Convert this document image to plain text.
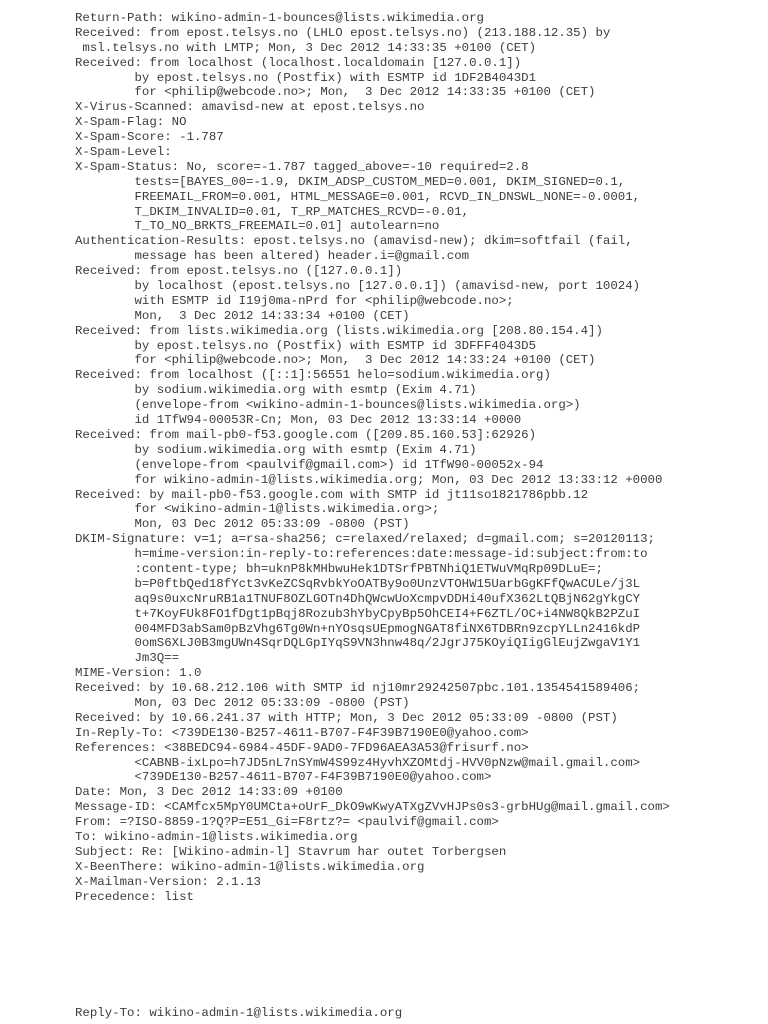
Return-Path: wikino-admin-1-bounces@lists.wikimedia.org
Received: from epost.telsys.no (LHLO epost.telsys.no) (213.188.12.35) by
msl.telsys.no with LMTP; Mon, 3 Dec 2012 14:33:35 +0100 (CET)
Received: from localhost (localhost.localdomain [127.0.0.1])
by epost.telsys.no (Postfix) with ESMTP id 1DF2B4043D1
for <philip@webcode.no>; Mon,  3 Dec 2012 14:33:35 +0100 (CET)
X-Virus-Scanned: amavisd-new at epost.telsys.no
X-Spam-Flag: NO
X-Spam-Score: -1.787
X-Spam-Level:
X-Spam-Status: No, score=-1.787 tagged_above=-10 required=2.8
tests=[BAYES_00=-1.9, DKIM_ADSP_CUSTOM_MED=0.001, DKIM_SIGNED=0.1,
FREEMAIL_FROM=0.001, HTML_MESSAGE=0.001, RCVD_IN_DNSWL_NONE=-0.0001,
T_DKIM_INVALID=0.01, T_RP_MATCHES_RCVD=-0.01,
T_TO_NO_BRKTS_FREEMAIL=0.01] autolearn=no
Authentication-Results: epost.telsys.no (amavisd-new); dkim=softfail (fail,
message has been altered) header.i=@gmail.com
Received: from epost.telsys.no ([127.0.0.1])
by localhost (epost.telsys.no [127.0.0.1]) (amavisd-new, port 10024)
with ESMTP id I19j0ma-nPrd for <philip@webcode.no>;
Mon,  3 Dec 2012 14:33:34 +0100 (CET)
Received: from lists.wikimedia.org (lists.wikimedia.org [208.80.154.4])
by epost.telsys.no (Postfix) with ESMTP id 3DFFF4043D5
for <philip@webcode.no>; Mon,  3 Dec 2012 14:33:24 +0100 (CET)
Received: from localhost ([::1]:56551 helo=sodium.wikimedia.org)
by sodium.wikimedia.org with esmtp (Exim 4.71)
(envelope-from <wikino-admin-1-bounces@lists.wikimedia.org>)
id 1TfW94-00053R-Cn; Mon, 03 Dec 2012 13:33:14 +0000
Received: from mail-pb0-f53.google.com ([209.85.160.53]:62926)
by sodium.wikimedia.org with esmtp (Exim 4.71)
(envelope-from <paulvif@gmail.com>) id 1TfW90-00052x-94
for wikino-admin-1@lists.wikimedia.org; Mon, 03 Dec 2012 13:33:12 +0000
Received: by mail-pb0-f53.google.com with SMTP id jt11so1821786pbb.12
for <wikino-admin-1@lists.wikimedia.org>;
Mon, 03 Dec 2012 05:33:09 -0800 (PST)
DKIM-Signature: v=1; a=rsa-sha256; c=relaxed/relaxed; d=gmail.com; s=20120113;
h=mime-version:in-reply-to:references:date:message-id:subject:from:to
:content-type; bh=uknP8kMHbwuHek1DTSrfPBTNhiQ1ETWuVMqRp09DLuE=;
b=P0ftbQed18fYct3vKeZCSqRvbkYoOATBy9o0UnzVTOHW15UarbGgKFfQwACULe/j3L
aq9s0uxcNruRB1a1TNUF8OZLGOTn4DhQWcwUoXcmpvDDHi40ufX362LtQBjN62gYkgCY
t+7KoyFUk8FO1fDgt1pBqj8Rozub3hYbyCpyBp5OhCEI4+F6ZTL/OC+i4NW8QkB2PZuI
004MFD3abSam0pBzVhg6Tg0Wn+nYOsqsUEpmogNGAT8fiNX6TDBRn9zcpYLLn2416kdP
0omS6XLJ0B3mgUWn4SqrDQLGpIYqS9VN3hnw48q/2JgrJ75KOyiQIigGlEujZwgaV1Y1
Jm3Q==
MIME-Version: 1.0
Received: by 10.68.212.106 with SMTP id nj10mr29242507pbc.101.1354541589406;
Mon, 03 Dec 2012 05:33:09 -0800 (PST)
Received: by 10.66.241.37 with HTTP; Mon, 3 Dec 2012 05:33:09 -0800 (PST)
In-Reply-To: <739DE130-B257-4611-B707-F4F39B7190E0@yahoo.com>
References: <38BEDC94-6984-45DF-9AD0-7FD96AEA3A53@frisurf.no>
<CABNB-ixLpo=h7JD5nL7nSYmW4S99z4HyvhXZOMtdj-HVV0pNzw@mail.gmail.com>
<739DE130-B257-4611-B707-F4F39B7190E0@yahoo.com>
Date: Mon, 3 Dec 2012 14:33:09 +0100
Message-ID: <CAMfcx5MpY0UMCta+oUrF_DkO9wKwyATXgZVvHJPs0s3-grbHUg@mail.gmail.com>
From: =?ISO-8859-1?Q?P=E51_Gi=F8rtz?= <paulvif@gmail.com>
To: wikino-admin-1@lists.wikimedia.org
Subject: Re: [Wikino-admin-l] Stavrum har outet Torbergsen
X-BeenThere: wikino-admin-1@lists.wikimedia.org
X-Mailman-Version: 2.1.13
Precedence: list
Reply-To: wikino-admin-1@lists.wikimedia.org
